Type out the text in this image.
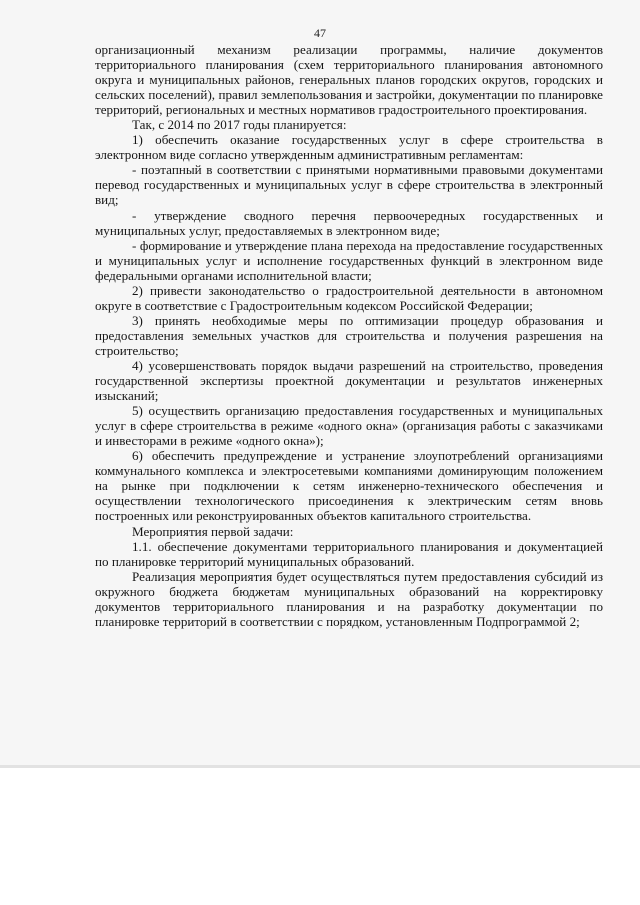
47

организационный механизм реализации программы, наличие документов территориального планирования (схем территориального планирования автономного округа и муниципальных районов, генеральных планов городских округов, городских и сельских поселений), правил землепользования и застройки, документации по планировке территорий, региональных и местных нормативов градостроительного проектирования.

Так, с 2014 по 2017 годы планируется:

1) обеспечить оказание государственных услуг в сфере строительства в электронном виде согласно утвержденным административным регламентам:

- поэтапный в соответствии с принятыми нормативными правовыми документами перевод государственных и муниципальных услуг в сфере строительства в электронный вид;

- утверждение сводного перечня первоочередных государственных и муниципальных услуг, предоставляемых в электронном виде;

- формирование и утверждение плана перехода на предоставление государственных и муниципальных услуг и исполнение государственных функций в электронном виде федеральными органами исполнительной власти;

2) привести законодательство о градостроительной деятельности в автономном округе в соответствие с Градостроительным кодексом Российской Федерации;

3) принять необходимые меры по оптимизации процедур образования и предоставления земельных участков для строительства и получения разрешения на строительство;

4) усовершенствовать порядок выдачи разрешений на строительство, проведения государственной экспертизы проектной документации и результатов инженерных изысканий;

5) осуществить организацию предоставления государственных и муниципальных услуг в сфере строительства в режиме «одного окна» (организация работы с заказчиками и инвесторами в режиме «одного окна»);

6) обеспечить предупреждение и устранение злоупотреблений организациями коммунального комплекса и электросетевыми компаниями доминирующим положением на рынке при подключении к сетям инженерно-технического обеспечения и осуществлении технологического присоединения к электрическим сетям вновь построенных или реконструированных объектов капитального строительства.

Мероприятия первой задачи:

1.1. обеспечение документами территориального планирования и документацией по планировке территорий муниципальных образований.

Реализация мероприятия будет осуществляться путем предоставления субсидий из окружного бюджета бюджетам муниципальных образований на корректировку документов территориального планирования и на разработку документации по планировке территорий в соответствии с порядком, установленным Подпрограммой 2;
